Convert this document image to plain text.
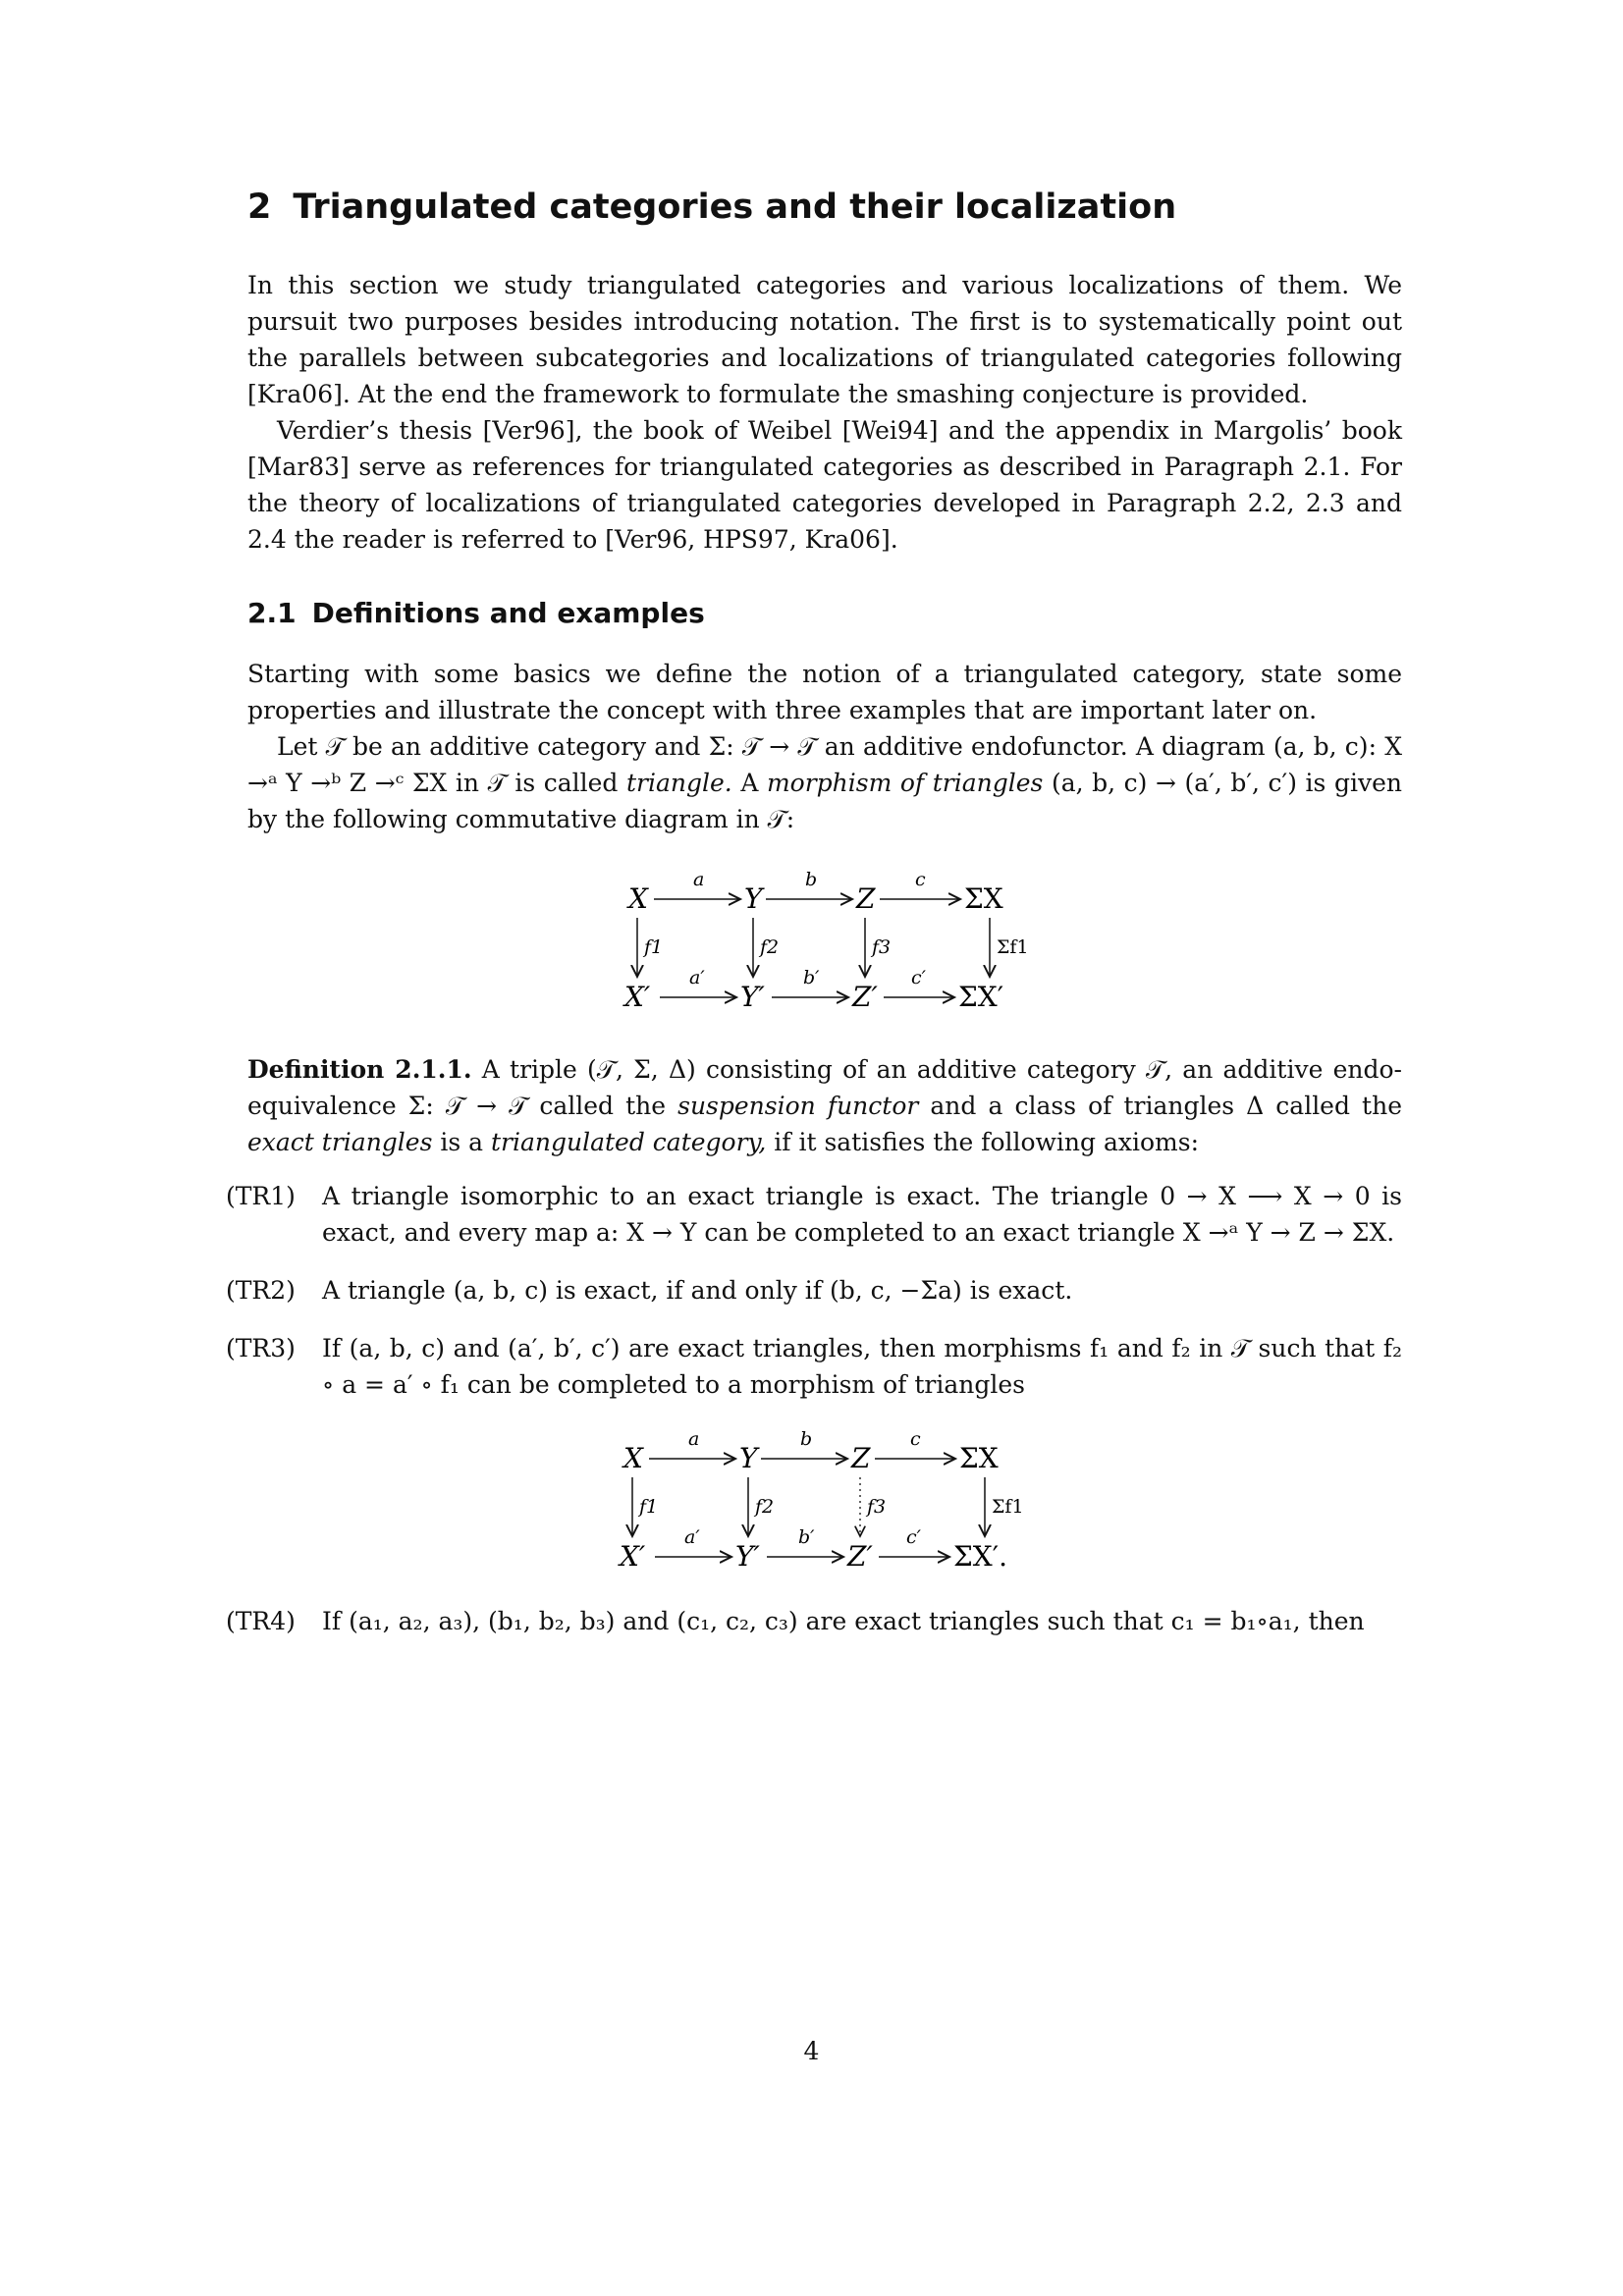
2 Triangulated categories and their localization

In this section we study triangulated categories and various localizations of them. We pursuit two purposes besides introducing notation. The first is to systematically point out the parallels between subcategories and localizations of triangulated categories following [Kra06]. At the end the framework to formulate the smashing conjecture is provided.

Verdier’s thesis [Ver96], the book of Weibel [Wei94] and the appendix in Margolis’ book [Mar83] serve as references for triangulated categories as described in Paragraph 2.1. For the theory of localizations of triangulated categories developed in Paragraph 2.2, 2.3 and 2.4 the reader is referred to [Ver96, HPS97, Kra06].

2.1 Definitions and examples

Starting with some basics we define the notion of a triangulated category, state some properties and illustrate the concept with three examples that are important later on.

Let 𝒯 be an additive category and Σ: 𝒯 → 𝒯 an additive endofunctor. A diagram (a, b, c): X →ᵃ Y →ᵇ Z →ᶜ ΣX in 𝒯 is called triangle. A morphism of triangles (a, b, c) → (a′, b′, c′) is given by the following commutative diagram in 𝒯:

X	Y	Z	ΣX
a	b	c
f1	f2	f3	Σf1
X′	Y′	Z′	ΣX′
a′	b′	c′

Definition 2.1.1. A triple (𝒯, Σ, Δ) consisting of an additive category 𝒯, an additive endo-equivalence Σ: 𝒯 → 𝒯 called the suspension functor and a class of triangles Δ called the exact triangles is a triangulated category, if it satisfies the following axioms:

(TR1)	A triangle isomorphic to an exact triangle is exact. The triangle 0 → X ⟶ X → 0 is exact, and every map a: X → Y can be completed to an exact triangle X →ᵃ Y → Z → ΣX.
(TR2)	A triangle (a, b, c) is exact, if and only if (b, c, −Σa) is exact.
(TR3)	If (a, b, c) and (a′, b′, c′) are exact triangles, then morphisms f₁ and f₂ in 𝒯 such that f₂ ∘ a = a′ ∘ f₁ can be completed to a morphism of triangles
X	Y	Z	ΣX
a	b	c
f1	f2	f3	Σf1
X′	Y′	Z′	ΣX′.
a′	b′	c′
(TR4)	If (a₁, a₂, a₃), (b₁, b₂, b₃) and (c₁, c₂, c₃) are exact triangles such that c₁ = b₁∘a₁, then
4
